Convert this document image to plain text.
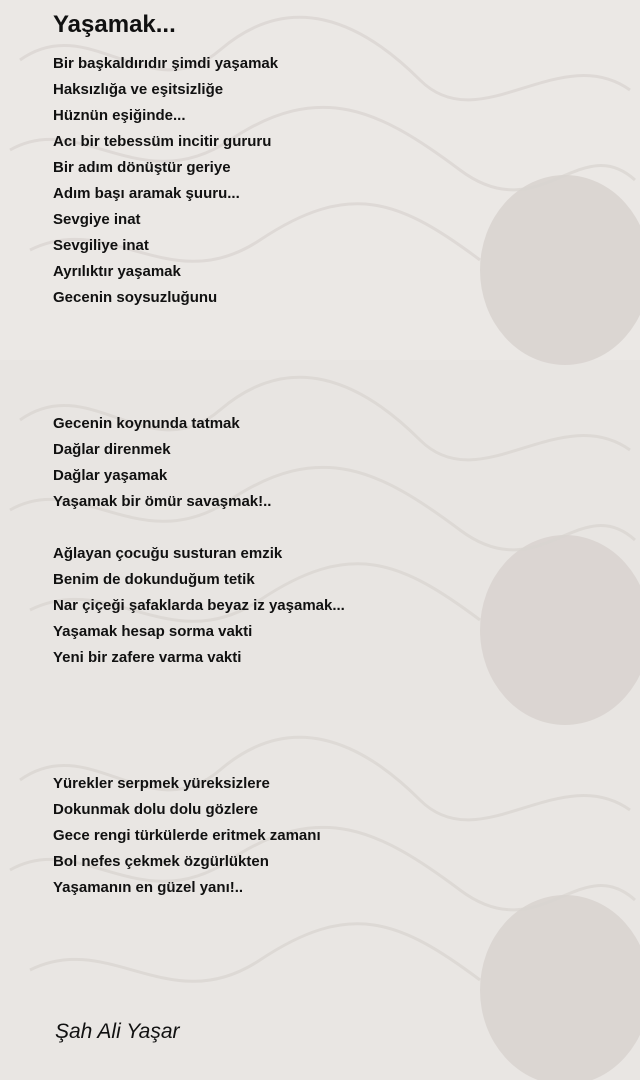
Yaşamak...
Bir başkaldırıdır şimdi yaşamak
Haksızlığa ve eşitsizliğe
Hüznün eşiğinde...
Acı bir tebessüm incitir gururu
Bir adım dönüştür geriye
Adım başı aramak şuuru...
Sevgiye inat
Sevgiliye inat
Ayrılıktır yaşamak
Gecenin soysuzluğunu
Gecenin koynunda tatmak
Dağlar direnmek
Dağlar yaşamak
Yaşamak bir ömür savaşmak!..
Ağlayan çocuğu susturan emzik
Benim de dokunduğum tetik
Nar çiçeği şafaklarda beyaz iz yaşamak...
Yaşamak hesap sorma vakti
Yeni bir zafere varma vakti
Yürekler serpmek yüreksizlere
Dokunmak dolu dolu gözlere
Gece rengi türkülerde eritmek zamanı
Bol nefes çekmek özgürlükten
Yaşamanın en güzel yanı!..
Şah Ali Yaşar
